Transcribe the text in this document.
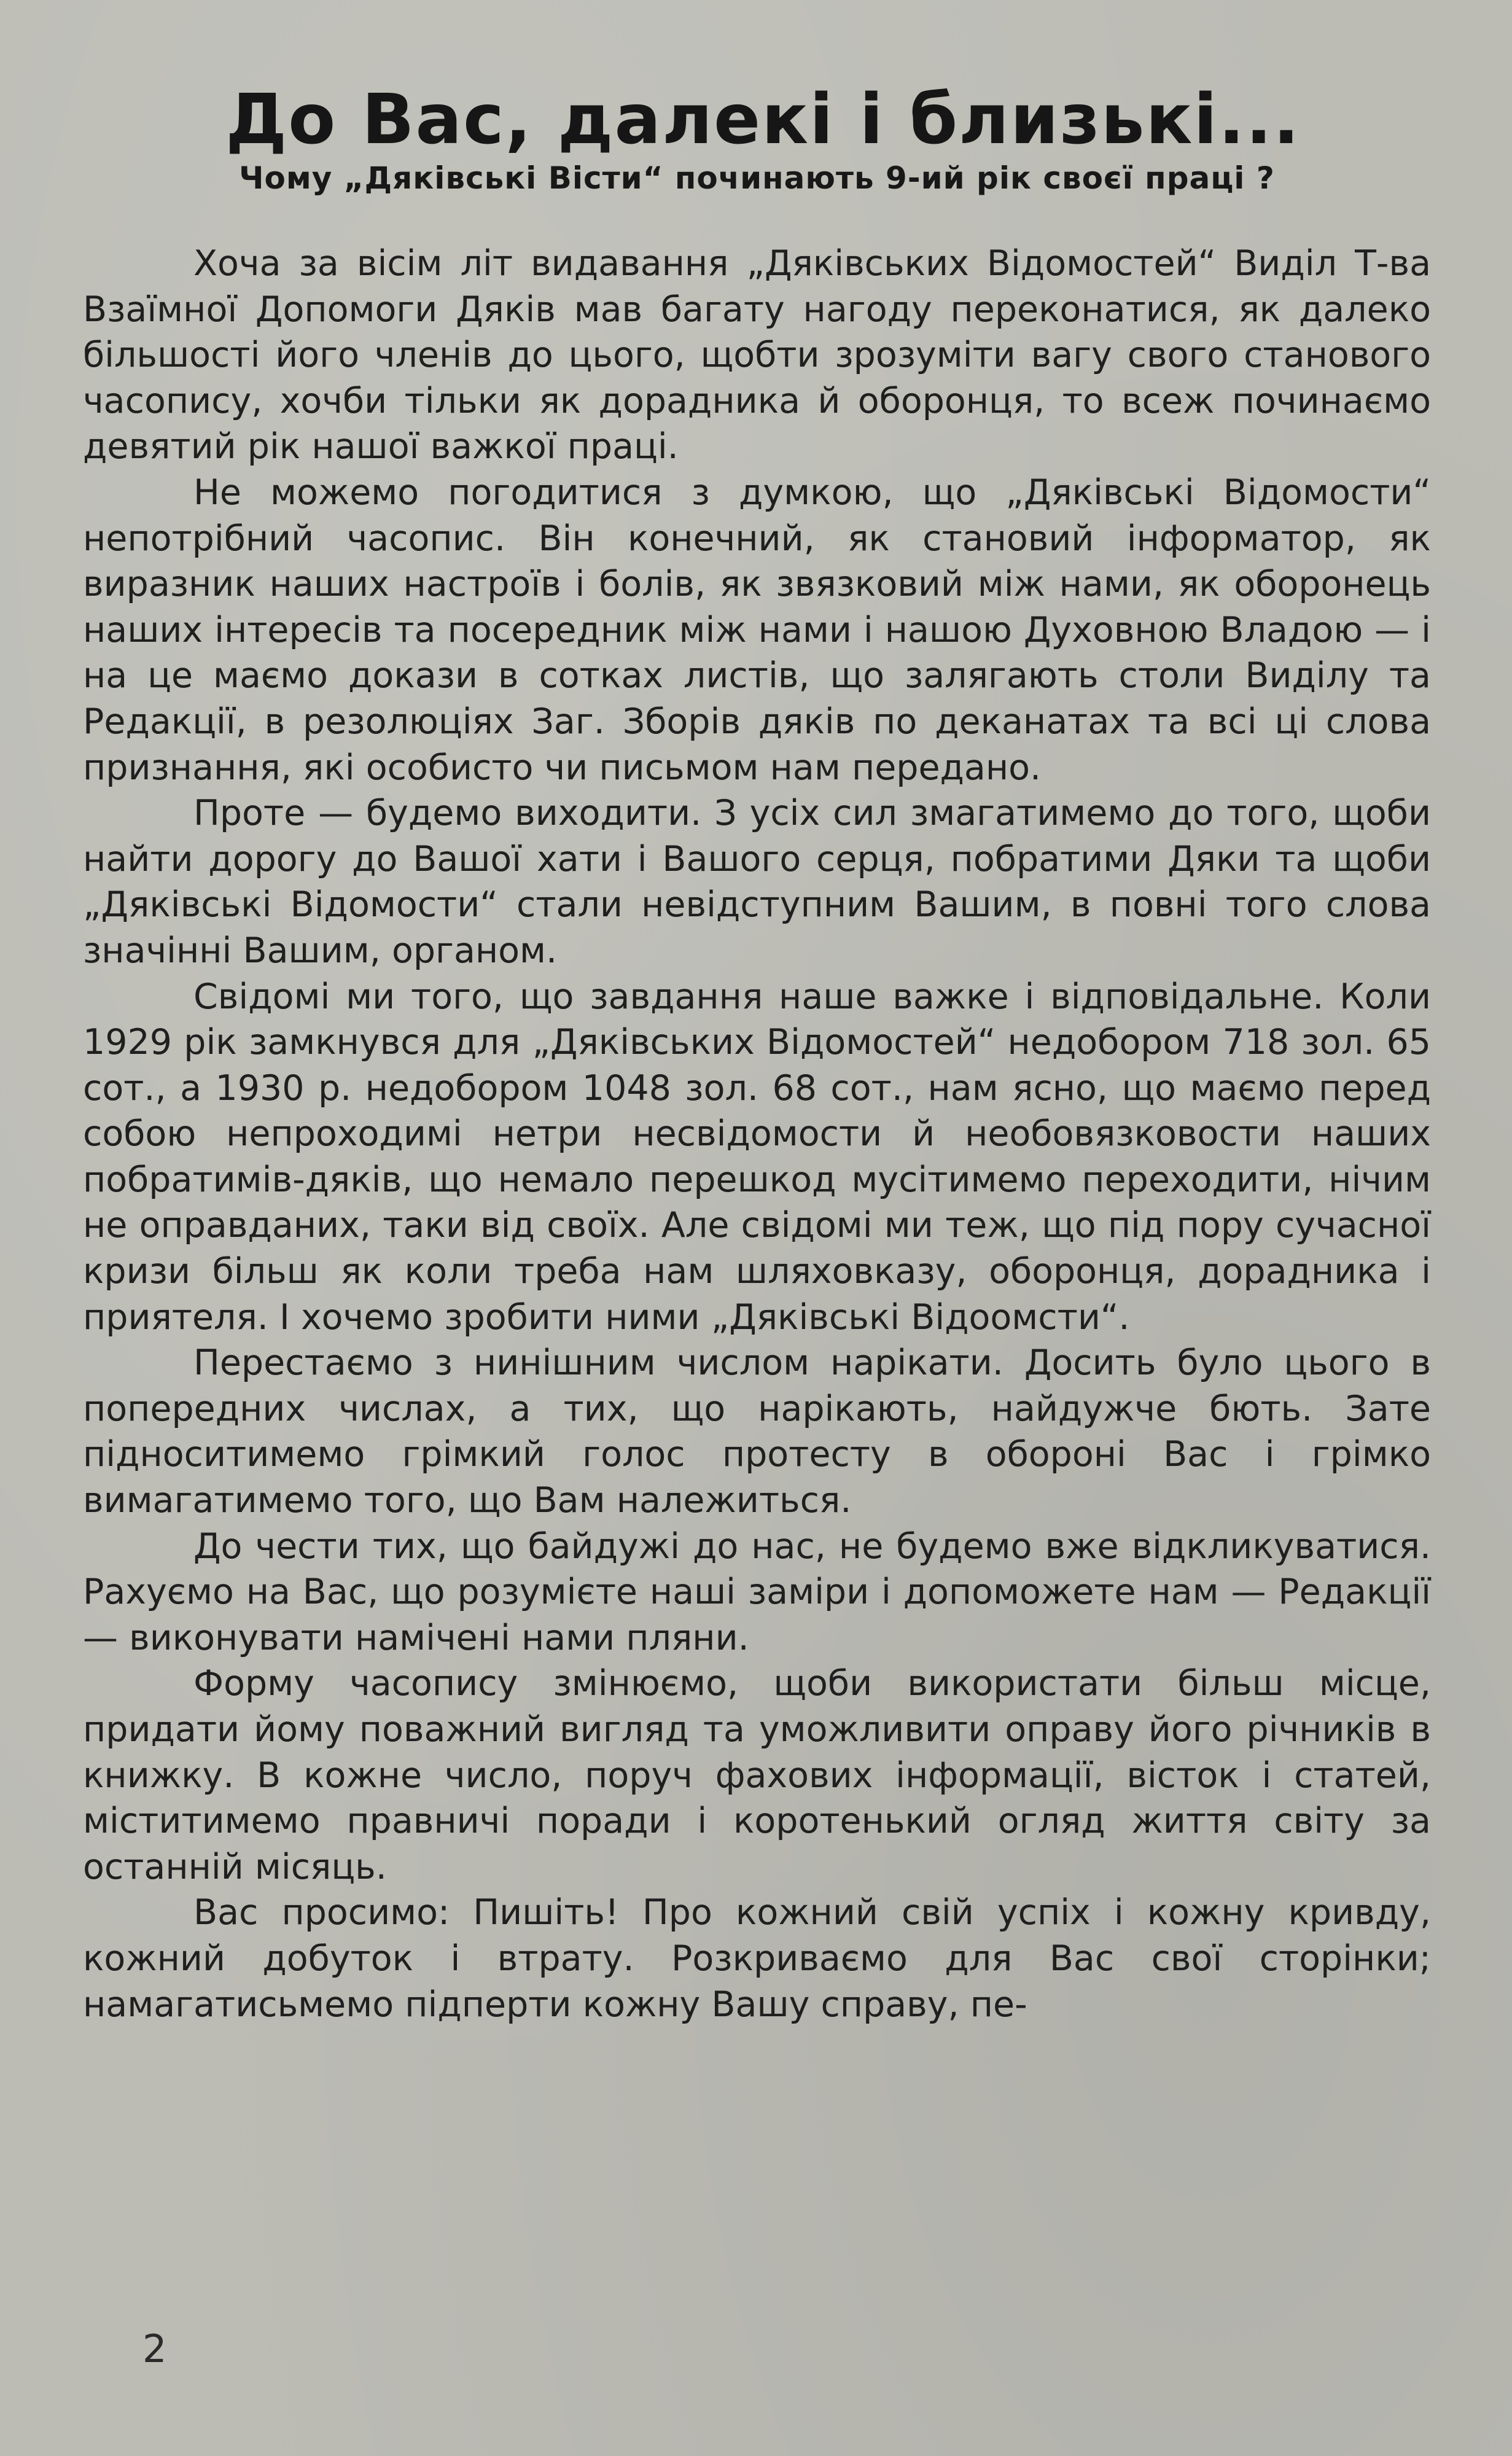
До Вас, далекі і близькі...
Чому „Дяківські Вісти“ починають 9-ий рік своєї праці ?

Хоча за вісім літ видавання „Дяківських Відомостей“ Виділ Т-ва Взаїмної Допомоги Дяків мав багату нагоду переконатися, як далеко більшості його членів до цього, щобти зрозуміти вагу свого станового часопису, хочби тільки як дорадника й оборонця, то всеж починаємо девятий рік нашої важкої праці.

Не можемо погодитися з думкою, що „Дяківські Відомости“ непотрібний часопис. Він конечний, як становий інформатор, як виразник наших настроїв і болів, як звязковий між нами, як оборонець наших інтересів та посередник між нами і нашою Духовною Владою — і на це маємо докази в сотках листів, що залягають столи Виділу та Редакції, в резолюціях Заг. Зборів дяків по деканатах та всі ці слова признання, які особисто чи письмом нам передано.

Проте — будемо виходити. З усіх сил змагатимемо до того, щоби найти дорогу до Вашої хати і Вашого серця, побратими Дяки та щоби „Дяківські Відомости“ стали невідступним Вашим, в повні того слова значінні Вашим, органом.

Свідомі ми того, що завдання наше важке і відповідальне. Коли 1929 рік замкнувся для „Дяківських Відомостей“ недобором 718 зол. 65 сот., а 1930 р. недобором 1048 зол. 68 сот., нам ясно, що маємо перед собою непроходимі нетри несвідомости й необовязковости наших побратимів-дяків, що немало перешкод мусітимемо переходити, нічим не оправданих, таки від своїх. Але свідомі ми теж, що під пору сучасної кризи більш як коли треба нам шляховказу, оборонця, дорадника і приятеля. І хочемо зробити ними „Дяківські Відоомсти“.

Перестаємо з нинішним числом нарікати. Досить було цього в попередних числах, а тих, що нарікають, найдужче бють. Зате підноситимемо грімкий голос протесту в обороні Вас і грімко вимагатимемо того, що Вам належиться.

До чести тих, що байдужі до нас, не будемо вже відкликуватися. Рахуємо на Вас, що розумієте наші заміри і допоможете нам — Редакції — виконувати намічені нами пляни.

Форму часопису змінюємо, щоби використати більш місце, придати йому поважний вигляд та уможливити оправу його річників в книжку. В кожне число, поруч фахових інформації, вісток і статей, міститимемо правничі поради і коротенький огляд життя світу за останній місяць.

Вас просимо: Пишіть! Про кожний свій успіх і кожну кривду, кожний добуток і втрату. Розкриваємо для Вас свої сторінки; намагатисьмемо підперти кожну Вашу справу, пе-

2
